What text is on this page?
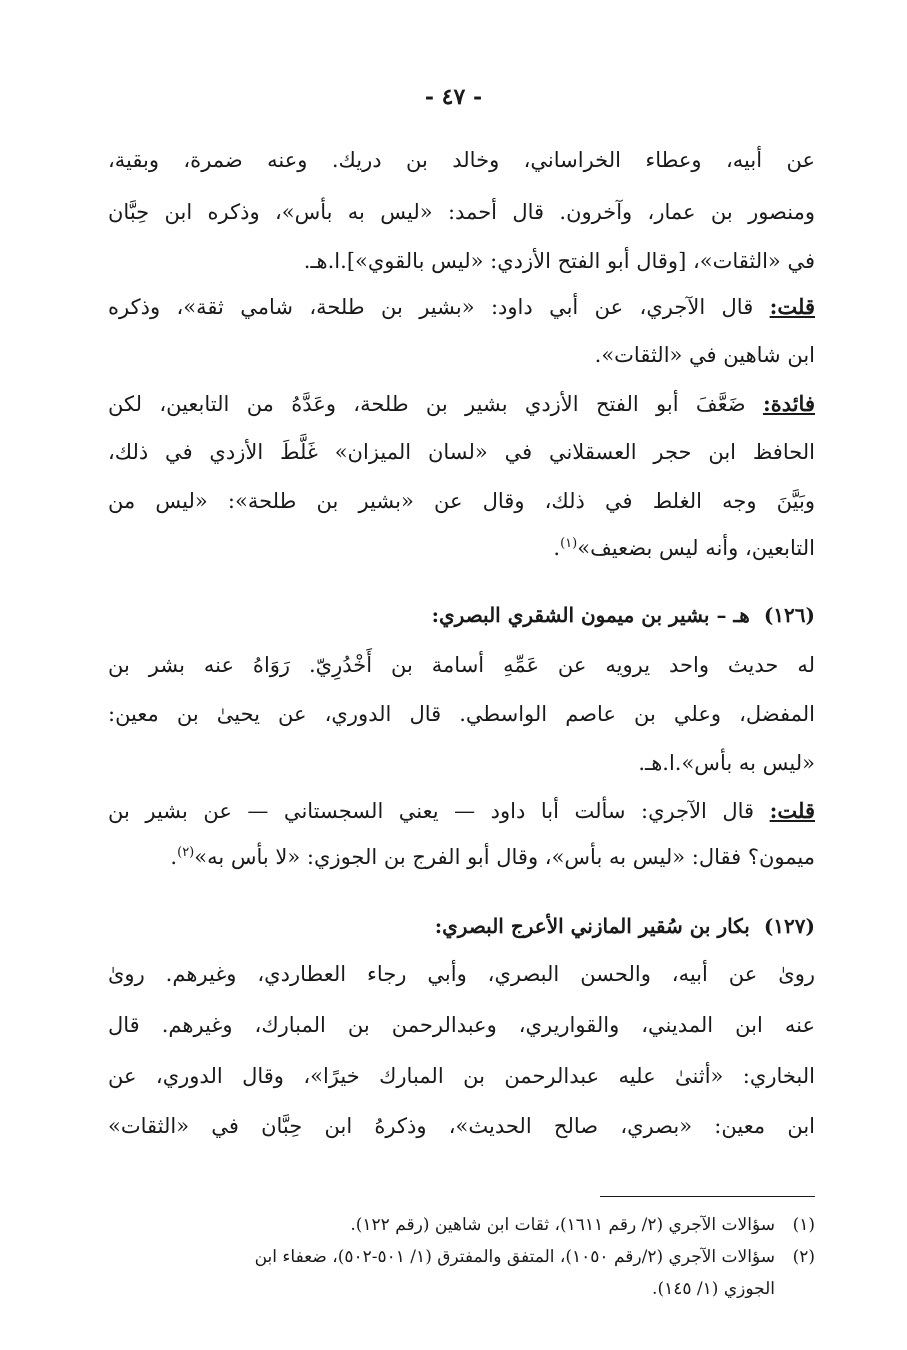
- ٤٧ -
عن أبيه، وعطاء الخراساني، وخالد بن دريك. وعنه ضمرة، وبقية،
ومنصور بن عمار، وآخرون. قال أحمد: «ليس به بأس»، وذكره ابن حِبَّان
في «الثقات»، [وقال أبو الفتح الأزدي: «ليس بالقوي»].ا.هـ.
قلت: قال الآجري، عن أبي داود: «بشير بن طلحة، شامي ثقة»، وذكره
ابن شاهين في «الثقات».
فائدة: ضَعَّفَ أبو الفتح الأزدي بشير بن طلحة، وعَدَّهُ من التابعين، لكن
الحافظ ابن حجر العسقلاني في «لسان الميزان» غَلَّطَ الأزدي في ذلك،
وبَيَّنَ وجه الغلط في ذلك، وقال عن «بشير بن طلحة»: «ليس من
التابعين، وأنه ليس بضعيف»$^{(١)}$.
(١٢٦)هـ – بشير بن ميمون الشقري البصري:
له حديث واحد يرويه عن عَمِّهِ أسامة بن أَخْدُرِيّ. رَوَاهُ عنه بشر بن
المفضل، وعلي بن عاصم الواسطي. قال الدوري، عن يحيىٰ بن معين:
«ليس به بأس».ا.هـ.
قلت: قال الآجري: سألت أبا داود — يعني السجستاني — عن بشير بن
ميمون؟ فقال: «ليس به بأس»، وقال أبو الفرج بن الجوزي: «لا بأس به»$^{(٢)}$.
(١٢٧)بكار بن سُقير المازني الأعرج البصري:
روىٰ عن أبيه، والحسن البصري، وأبي رجاء العطاردي، وغيرهم. روىٰ
عنه ابن المديني، والقواريري، وعبدالرحمن بن المبارك، وغيرهم. قال
البخاري: «أثنىٰ عليه عبدالرحمن بن المبارك خيرًا»، وقال الدوري، عن
ابن معين: «بصري، صالح الحديث»، وذكرهُ ابن حِبَّان في «الثقات»
(١)سؤالات الآجري (٢/ رقم ١٦١١)، ثقات ابن شاهين (رقم ١٢٢).
(٢)سؤالات الآجري (٢/رقم ١٠٥٠)، المتفق والمفترق (١/ ٥٠١-٥٠٢)، ضعفاء ابن
الجوزي (١/ ١٤٥).
